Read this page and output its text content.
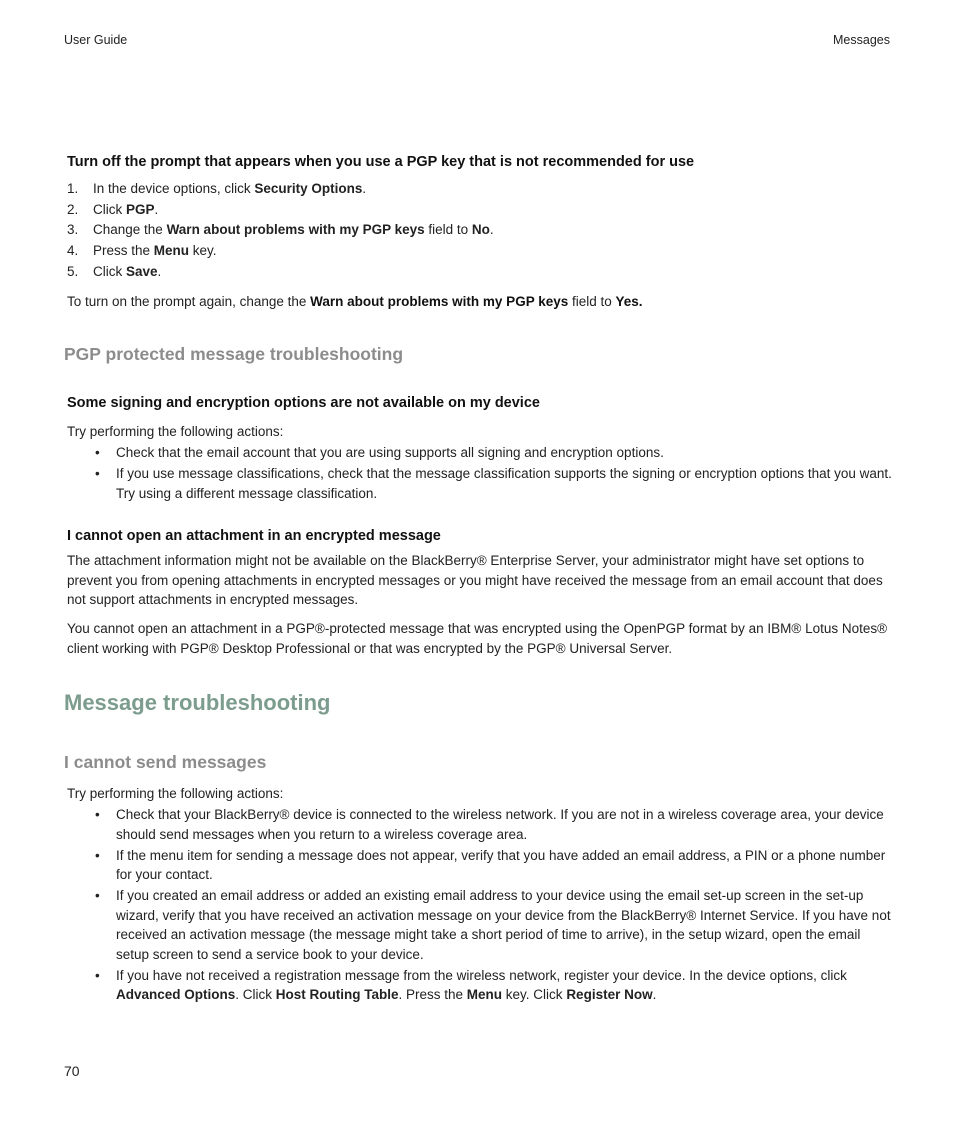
User Guide	Messages
Turn off the prompt that appears when you use a PGP key that is not recommended for use
1.	In the device options, click Security Options.
2.	Click PGP.
3.	Change the Warn about problems with my PGP keys field to No.
4.	Press the Menu key.
5.	Click Save.
To turn on the prompt again, change the Warn about problems with my PGP keys field to Yes.
PGP protected message troubleshooting
Some signing and encryption options are not available on my device
Try performing the following actions:
•	Check that the email account that you are using supports all signing and encryption options.
•	If you use message classifications, check that the message classification supports the signing or encryption options that you want. Try using a different message classification.
I cannot open an attachment in an encrypted message
The attachment information might not be available on the BlackBerry® Enterprise Server, your administrator might have set options to prevent you from opening attachments in encrypted messages or you might have received the message from an email account that does not support attachments in encrypted messages.
You cannot open an attachment in a PGP®-protected message that was encrypted using the OpenPGP format by an IBM® Lotus Notes® client working with PGP® Desktop Professional or that was encrypted by the PGP® Universal Server.
Message troubleshooting
I cannot send messages
Try performing the following actions:
•	Check that your BlackBerry® device is connected to the wireless network. If you are not in a wireless coverage area, your device should send messages when you return to a wireless coverage area.
•	If the menu item for sending a message does not appear, verify that you have added an email address, a PIN or a phone number for your contact.
•	If you created an email address or added an existing email address to your device using the email set-up screen in the set-up wizard, verify that you have received an activation message on your device from the BlackBerry® Internet Service. If you have not received an activation message (the message might take a short period of time to arrive), in the setup wizard, open the email setup screen to send a service book to your device.
•	If you have not received a registration message from the wireless network, register your device. In the device options, click Advanced Options. Click Host Routing Table. Press the Menu key. Click Register Now.
70
